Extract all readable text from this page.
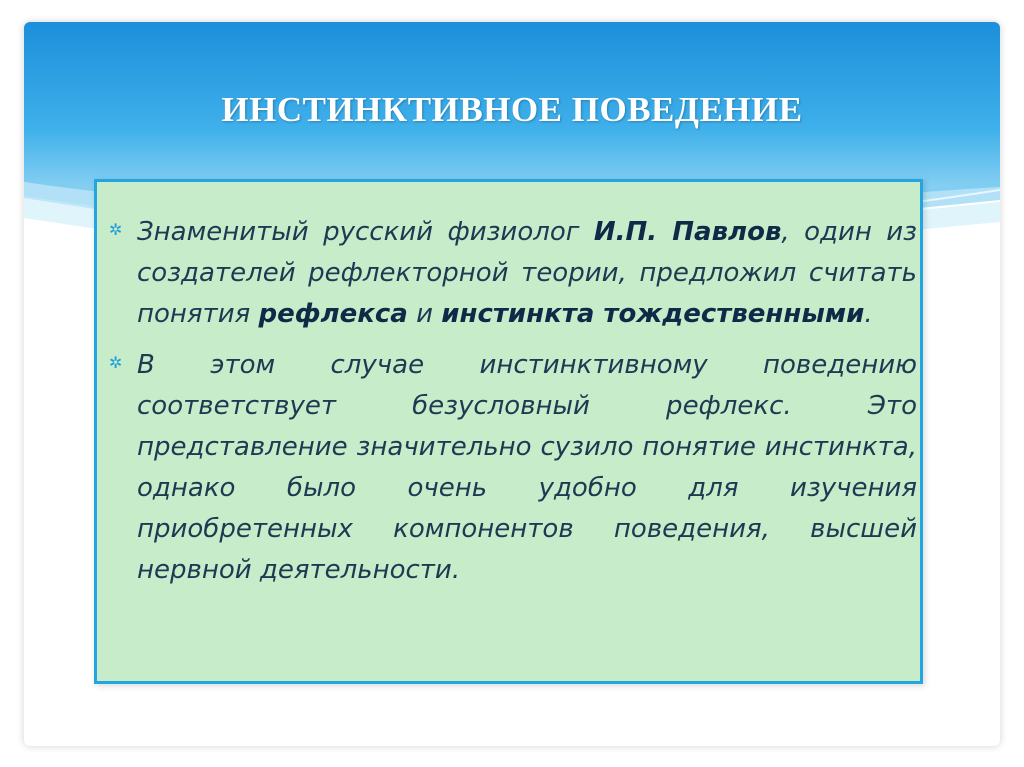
ИНСТИНКТИВНОЕ ПОВЕДЕНИЕ
✲ Знаменитый русский физиолог И.П. Павлов, один из создателей рефлекторной теории, предложил считать понятия рефлекса и инстинкта тождественными.
✲ В этом случае инстинктивному поведению соответствует безусловный рефлекс. Это представление значительно сузило понятие инстинкта, однако было очень удобно для изучения приобретенных компонентов поведения, высшей нервной деятельности.
